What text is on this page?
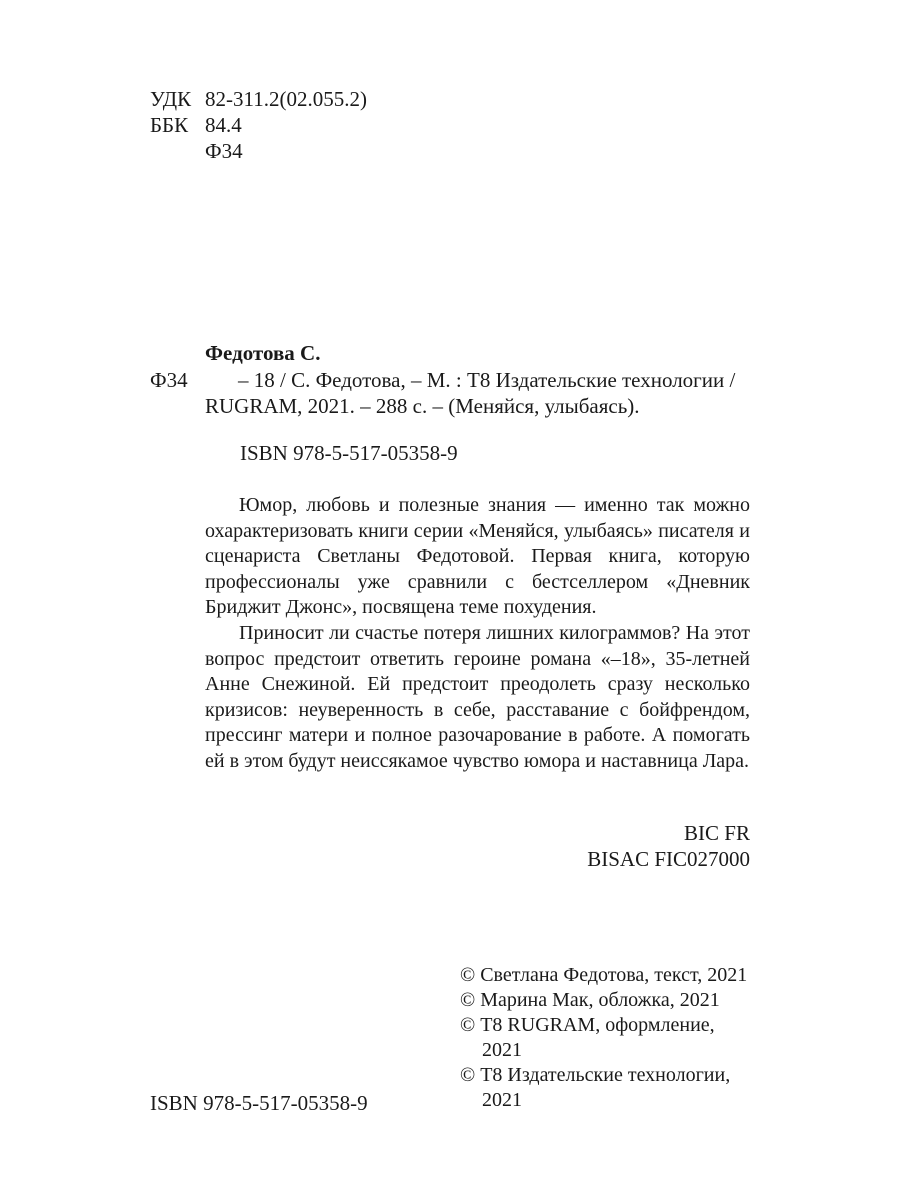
УДК 82-311.2(02.055.2)
ББК 84.4
Ф34
Федотова С.
Ф34 – 18 / С. Федотова, – М. : Т8 Издательские технологии /
RUGRAM, 2021. – 288 с. – (Меняйся, улыбаясь).
ISBN 978-5-517-05358-9

Юмор, любовь и полезные знания — именно так можно охарактеризовать книги серии «Меняйся, улыбаясь» писателя и сценариста Светланы Федотовой. Первая книга, которую профессионалы уже сравнили с бестселлером «Дневник Бриджит Джонс», посвящена теме похудения.

Приносит ли счастье потеря лишних килограммов? На этот вопрос предстоит ответить героине романа «–18», 35-летней Анне Снежиной. Ей предстоит преодолеть сразу несколько кризисов: неуверенность в себе, расставание с бойфрендом, прессинг матери и полное разочарование в работе. А помогать ей в этом будут неиссякамое чувство юмора и наставница Лара.

BIC FR
BISAC FIC027000
ISBN 978-5-517-05358-9

© Светлана Федотова, текст, 2021

© Марина Мак, обложка, 2021

© Т8 RUGRAM, оформление, 2021

© Т8 Издательские технологии, 2021
